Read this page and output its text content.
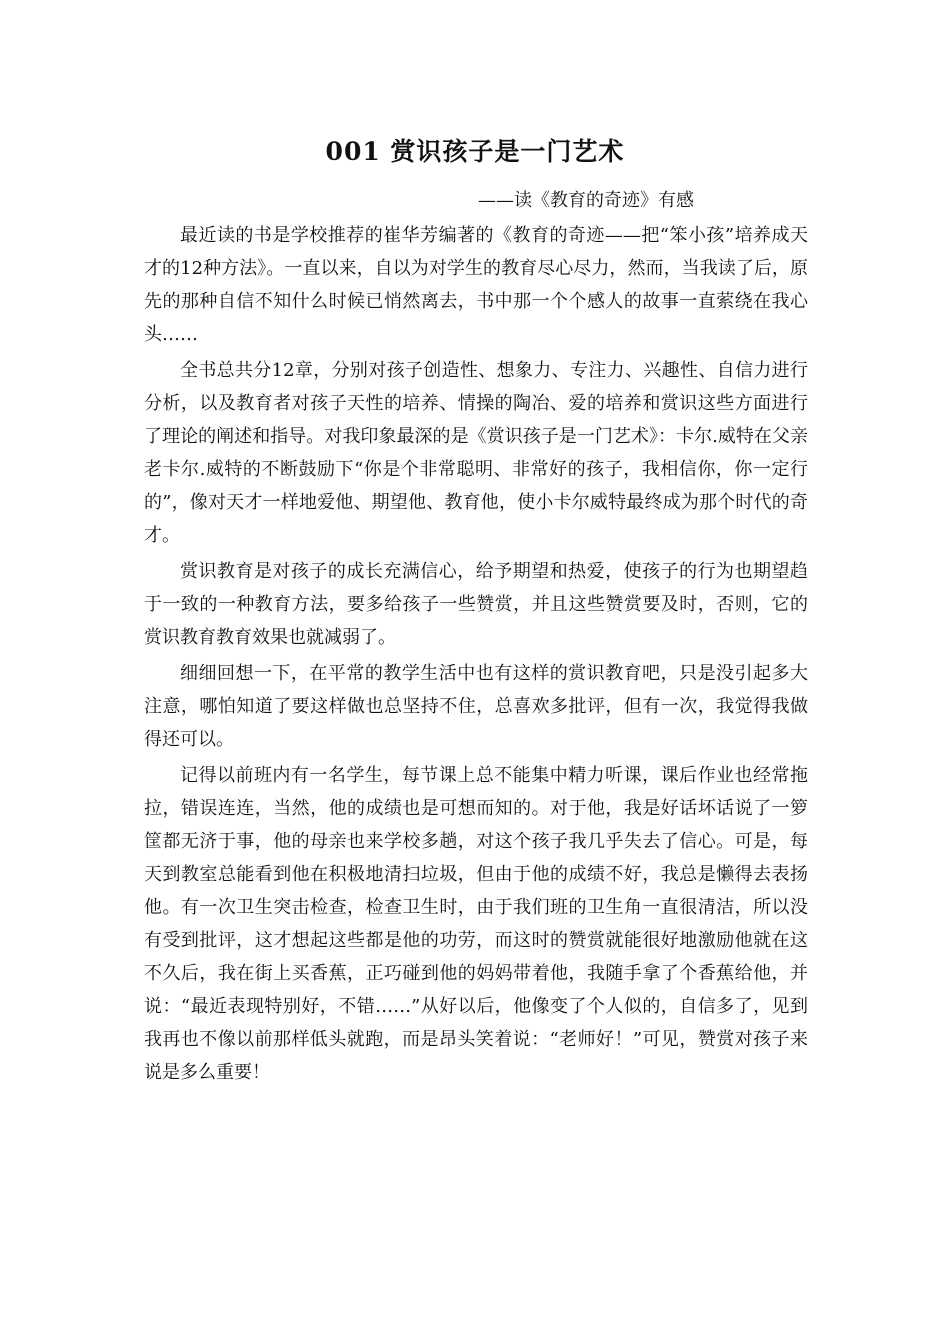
001 赏识孩子是一门艺术
——读《教育的奇迹》有感

最近读的书是学校推荐的崔华芳编著的《教育的奇迹——把“笨小孩”培养成天才的12种方法》。一直以来，自以为对学生的教育尽心尽力，然而，当我读了后，原先的那种自信不知什么时候已悄然离去，书中那一个个感人的故事一直萦绕在我心头……

全书总共分12章，分别对孩子创造性、想象力、专注力、兴趣性、自信力进行分析，以及教育者对孩子天性的培养、情操的陶冶、爱的培养和赏识这些方面进行了理论的阐述和指导。对我印象最深的是《赏识孩子是一门艺术》：卡尔.威特在父亲老卡尔.威特的不断鼓励下“你是个非常聪明、非常好的孩子，我相信你，你一定行的”，像对天才一样地爱他、期望他、教育他，使小卡尔威特最终成为那个时代的奇才。

赏识教育是对孩子的成长充满信心，给予期望和热爱，使孩子的行为也期望趋于一致的一种教育方法，要多给孩子一些赞赏，并且这些赞赏要及时，否则，它的赏识教育教育效果也就减弱了。

细细回想一下，在平常的教学生活中也有这样的赏识教育吧，只是没引起多大注意，哪怕知道了要这样做也总坚持不住，总喜欢多批评，但有一次，我觉得我做得还可以。

记得以前班内有一名学生，每节课上总不能集中精力听课，课后作业也经常拖拉，错误连连，当然，他的成绩也是可想而知的。对于他，我是好话坏话说了一箩筐都无济于事，他的母亲也来学校多趟，对这个孩子我几乎失去了信心。可是，每天到教室总能看到他在积极地清扫垃圾，但由于他的成绩不好，我总是懒得去表扬他。有一次卫生突击检查，检查卫生时，由于我们班的卫生角一直很清洁，所以没有受到批评，这才想起这些都是他的功劳，而这时的赞赏就能很好地激励他就在这不久后，我在街上买香蕉，正巧碰到他的妈妈带着他，我随手拿了个香蕉给他，并说：“最近表现特别好，不错……”从好以后，他像变了个人似的，自信多了，见到我再也不像以前那样低头就跑，而是昂头笑着说：“老师好！”可见，赞赏对孩子来说是多么重要！
